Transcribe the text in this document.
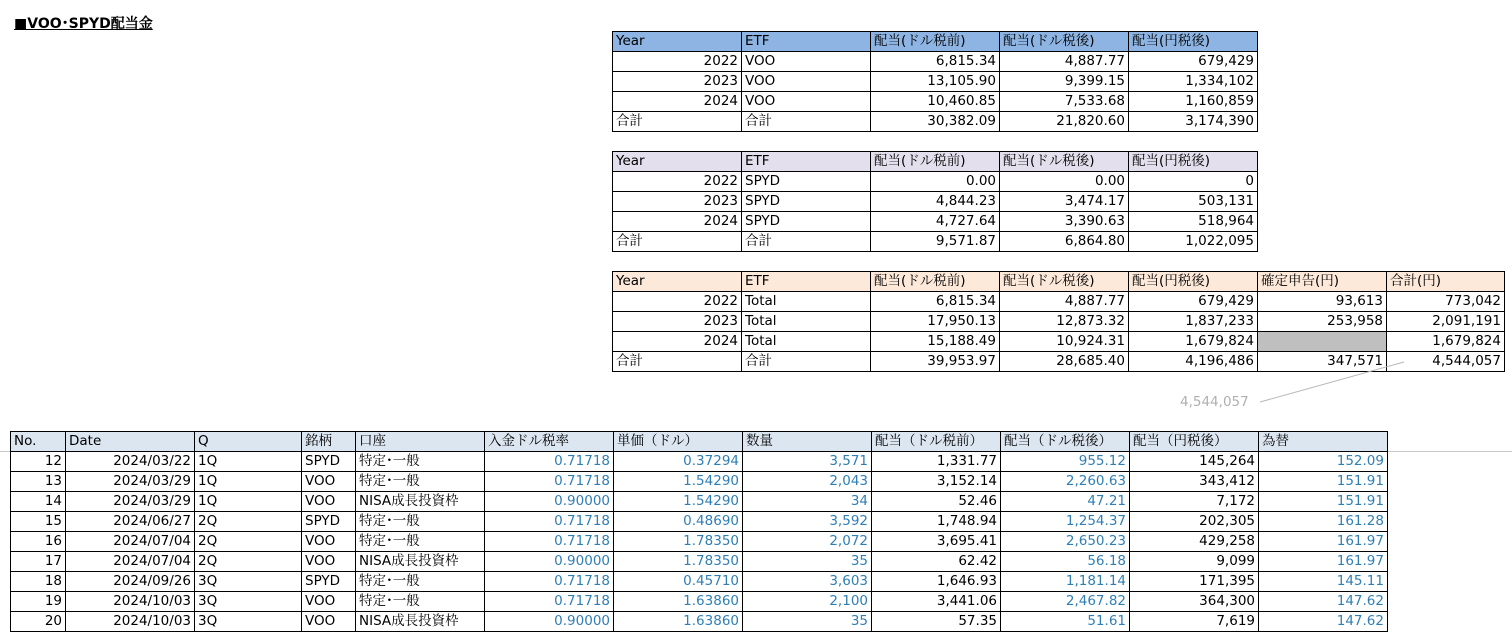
■VOO･SPYD配当金
Year	ETF	配当(ドル税前)	配当(ドル税後)	配当(円税後)
2022	VOO	6,815.34	4,887.77	679,429
2023	VOO	13,105.90	9,399.15	1,334,102
2024	VOO	10,460.85	7,533.68	1,160,859
合計	合計	30,382.09	21,820.60	3,174,390
Year	ETF	配当(ドル税前)	配当(ドル税後)	配当(円税後)
2022	SPYD	0.00	0.00	0
2023	SPYD	4,844.23	3,474.17	503,131
2024	SPYD	4,727.64	3,390.63	518,964
合計	合計	9,571.87	6,864.80	1,022,095
Year	ETF	配当(ドル税前)	配当(ドル税後)	配当(円税後)	確定申告(円)	合計(円)
2022	Total	6,815.34	4,887.77	679,429	93,613	773,042
2023	Total	17,950.13	12,873.32	1,837,233	253,958	2,091,191
2024	Total	15,188.49	10,924.31	1,679,824		1,679,824
合計	合計	39,953.97	28,685.40	4,196,486	347,571	4,544,057
4,544,057
No.	Date	Q	銘柄	口座	入金ドル税率	単価（ドル）	数量	配当（ドル税前）	配当（ドル税後）	配当（円税後）	為替
12	2024/03/22	1Q	SPYD	特定･一般	0.71718	0.37294	3,571	1,331.77	955.12	145,264	152.09
13	2024/03/29	1Q	VOO	特定･一般	0.71718	1.54290	2,043	3,152.14	2,260.63	343,412	151.91
14	2024/03/29	1Q	VOO	NISA成長投資枠	0.90000	1.54290	34	52.46	47.21	7,172	151.91
15	2024/06/27	2Q	SPYD	特定･一般	0.71718	0.48690	3,592	1,748.94	1,254.37	202,305	161.28
16	2024/07/04	2Q	VOO	特定･一般	0.71718	1.78350	2,072	3,695.41	2,650.23	429,258	161.97
17	2024/07/04	2Q	VOO	NISA成長投資枠	0.90000	1.78350	35	62.42	56.18	9,099	161.97
18	2024/09/26	3Q	SPYD	特定･一般	0.71718	0.45710	3,603	1,646.93	1,181.14	171,395	145.11
19	2024/10/03	3Q	VOO	特定･一般	0.71718	1.63860	2,100	3,441.06	2,467.82	364,300	147.62
20	2024/10/03	3Q	VOO	NISA成長投資枠	0.90000	1.63860	35	57.35	51.61	7,619	147.62
